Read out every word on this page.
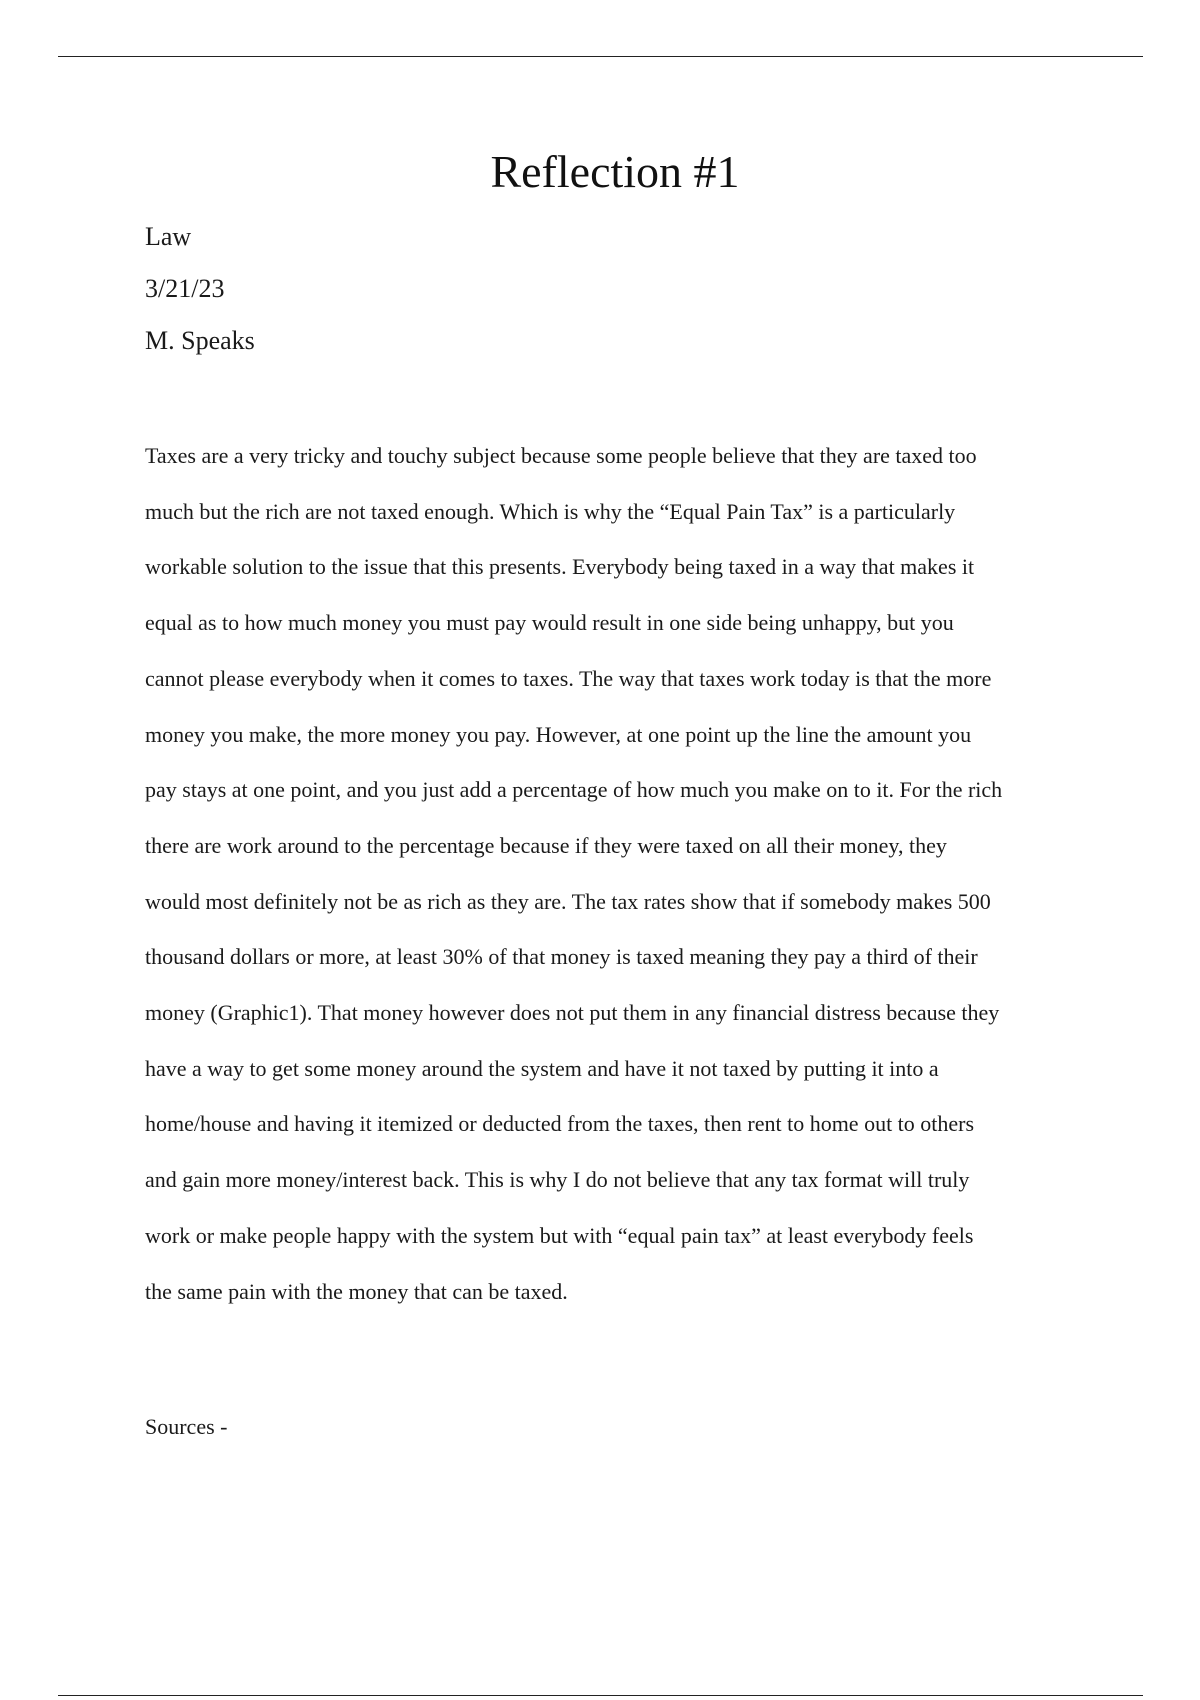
Reflection #1
Law
3/21/23
M. Speaks
Taxes are a very tricky and touchy subject because some people believe that they are taxed too
much but the rich are not taxed enough. Which is why the “Equal Pain Tax” is a particularly
workable solution to the issue that this presents. Everybody being taxed in a way that makes it
equal as to how much money you must pay would result in one side being unhappy, but you
cannot please everybody when it comes to taxes. The way that taxes work today is that the more
money you make, the more money you pay. However, at one point up the line the amount you
pay stays at one point, and you just add a percentage of how much you make on to it. For the rich
there are work around to the percentage because if they were taxed on all their money, they
would most definitely not be as rich as they are. The tax rates show that if somebody makes 500
thousand dollars or more, at least 30% of that money is taxed meaning they pay a third of their
money (Graphic1). That money however does not put them in any financial distress because they
have a way to get some money around the system and have it not taxed by putting it into a
home/house and having it itemized or deducted from the taxes, then rent to home out to others
and gain more money/interest back. This is why I do not believe that any tax format will truly
work or make people happy with the system but with “equal pain tax” at least everybody feels
the same pain with the money that can be taxed.
Sources -
